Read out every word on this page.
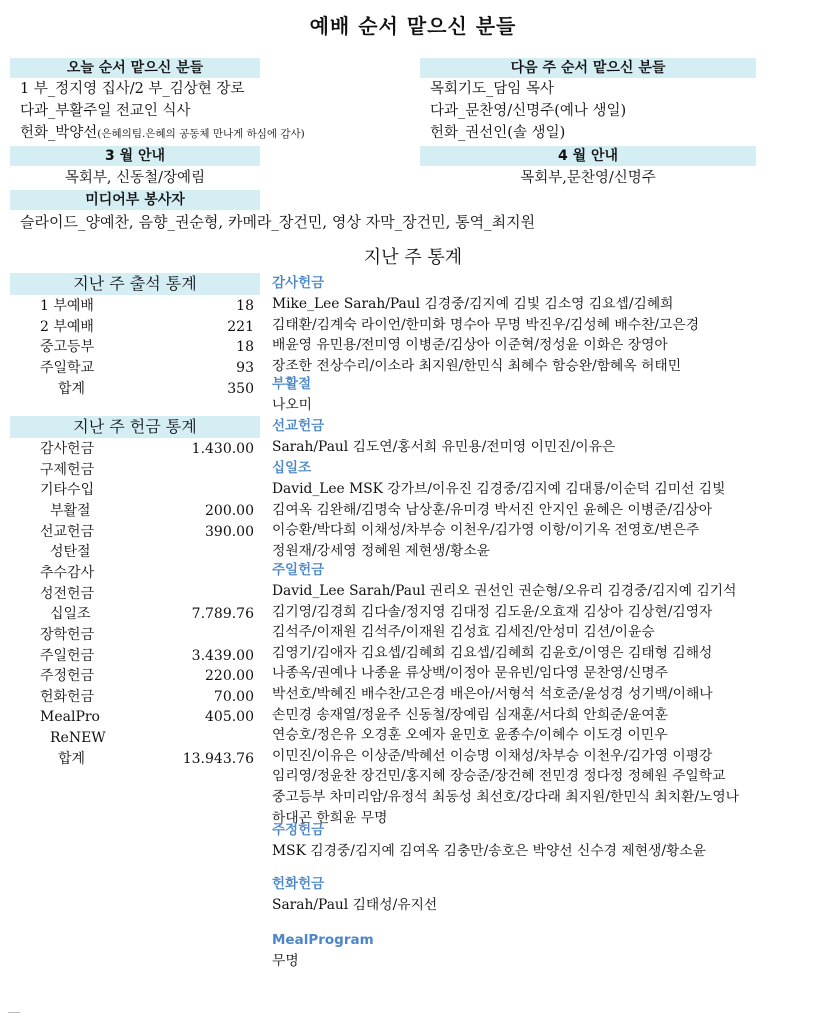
예배 순서 맡으신 분들
오늘 순서 맡으신 분들	다음 주 순서 맡으신 분들
1 부_정지영 집사/2 부_김상현 장로
다과_부활주일 전교인 식사
헌화_박양선(은혜의팀.은혜의 공동체 만나게 하심에 감사)
목회기도_담임 목사
다과_문찬영/신명주(예나 생일)
헌화_권선인(솔 생일)
3 월 안내	4 월 안내
목회부, 신동철/장예림	목회부,문찬영/신명주
미디어부 봉사자
슬라이드_양예찬, 음향_권순형, 카메라_장건민, 영상 자막_장건민, 통역_최지원
지난 주 통계
지난 주 출석 통계
1 부예배	18
2 부예배	221
중고등부	18
주일학교	93
합계	350
지난 주 헌금 통계
감사헌금	1.430.00
구제헌금
기타수입
부활절	200.00
선교헌금	390.00
성탄절
추수감사
성전헌금
십일조	7.789.76
장학헌금
주일헌금	3.439.00
주정헌금	220.00
헌화헌금	70.00
MealPro	405.00
ReNEW
합계	13.943.76
감사헌금
Mike_Lee Sarah/Paul 김경중/김지예 김빛 김소영 김요셉/김혜희
김태환/김계숙 라이언/한미화 명수아 무명 박진우/김성혜 배수찬/고은경
배윤영 유민용/전미영 이병준/김상아 이준혁/정성윤 이화은 장영아
장조한 전상수리/이소라 최지원/한민식 최혜수 함승완/함혜옥 허태민
부활절
나오미
선교헌금
Sarah/Paul 김도연/홍서희 유민용/전미영 이민진/이유은
십일조
David_Lee MSK 강가브/이유진 김경중/김지예 김대룡/이순덕 김미선 김빛
김여옥 김완해/김명숙 남상훈/유미경 박서진 안지인 윤혜은 이병준/김상아
이승환/박다희 이채성/차부승 이천우/김가영 이항/이기옥 전영호/변은주
정원재/강세영 정혜원 제현생/황소윤
주일헌금
David_Lee Sarah/Paul 권리오 권선인 권순형/오유리 김경중/김지예 김기석
김기영/김경희 김다솔/정지영 김대정 김도윤/오효재 김상아 김상현/김영자
김석주/이재원 김석주/이재원 김성효 김세진/안성미 김션/이윤승
김영기/김애자 김요셉/김혜희 김요셉/김혜희 김윤호/이영은 김태형 김해성
나종옥/권예나 나종윤 류상백/이정아 문유빈/임다영 문찬영/신명주
박선호/박혜진 배수찬/고은경 배은아/서형석 석호준/윤성경 성기백/이해나
손민경 송재열/정윤주 신동철/장예림 심재훈/서다희 안희준/윤여훈
연승호/정은유 오경훈 오예자 윤민호 윤종수/이혜수 이도경 이민우
이민진/이유은 이상준/박혜선 이승명 이채성/차부승 이천우/김가영 이평강
임리영/정윤찬 장건민/홍지혜 장승준/장건혜 전민경 정다정 정혜원 주일학교
중고등부 차미리암/유정석 최동성 최선호/강다래 최지원/한민식 최치환/노영나
하대곤 한희윤 무명
주정헌금
MSK 김경중/김지예 김여옥 김충만/송호은 박양선 신수경 제현생/황소윤
헌화헌금
Sarah/Paul 김태성/유지선
MealProgram
무명
